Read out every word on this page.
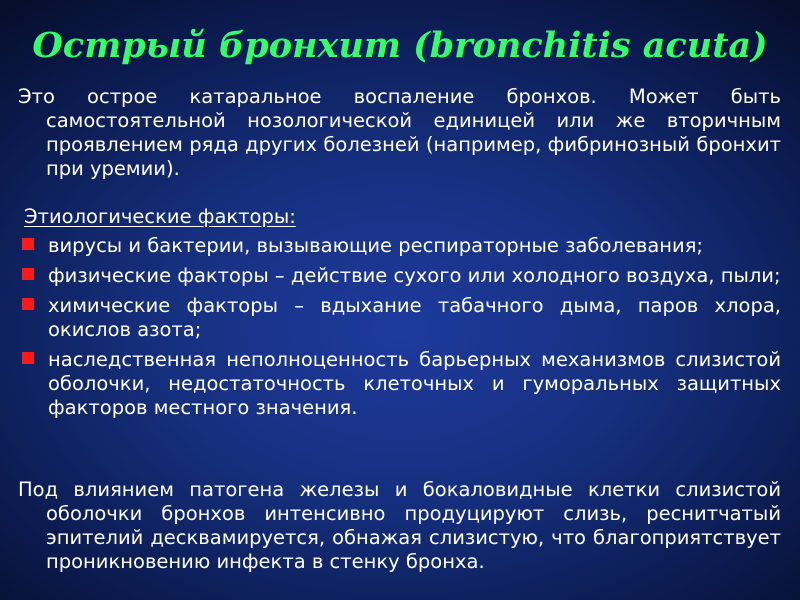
Острый бронхит (bronchitis acuta)

Это острое катаральное воспаление бронхов. Может быть самостоятельной нозологической единицей или же вторичным проявлением ряда других болезней (например, фибринозный бронхит при уремии).

Этиологические факторы:

вирусы и бактерии, вызывающие респираторные заболевания;
физические факторы – действие сухого или холодного воздуха, пыли;
химические факторы – вдыхание табачного дыма, паров хлора, окислов азота;
наследственная неполноценность барьерных механизмов слизистой оболочки, недостаточность клеточных и гуморальных защитных факторов местного значения.

Под влиянием патогена железы и бокаловидные клетки слизистой оболочки бронхов интенсивно продуцируют слизь, реснитчатый эпителий десквамируется, обнажая слизистую, что благоприятствует проникновению инфекта в стенку бронха.
